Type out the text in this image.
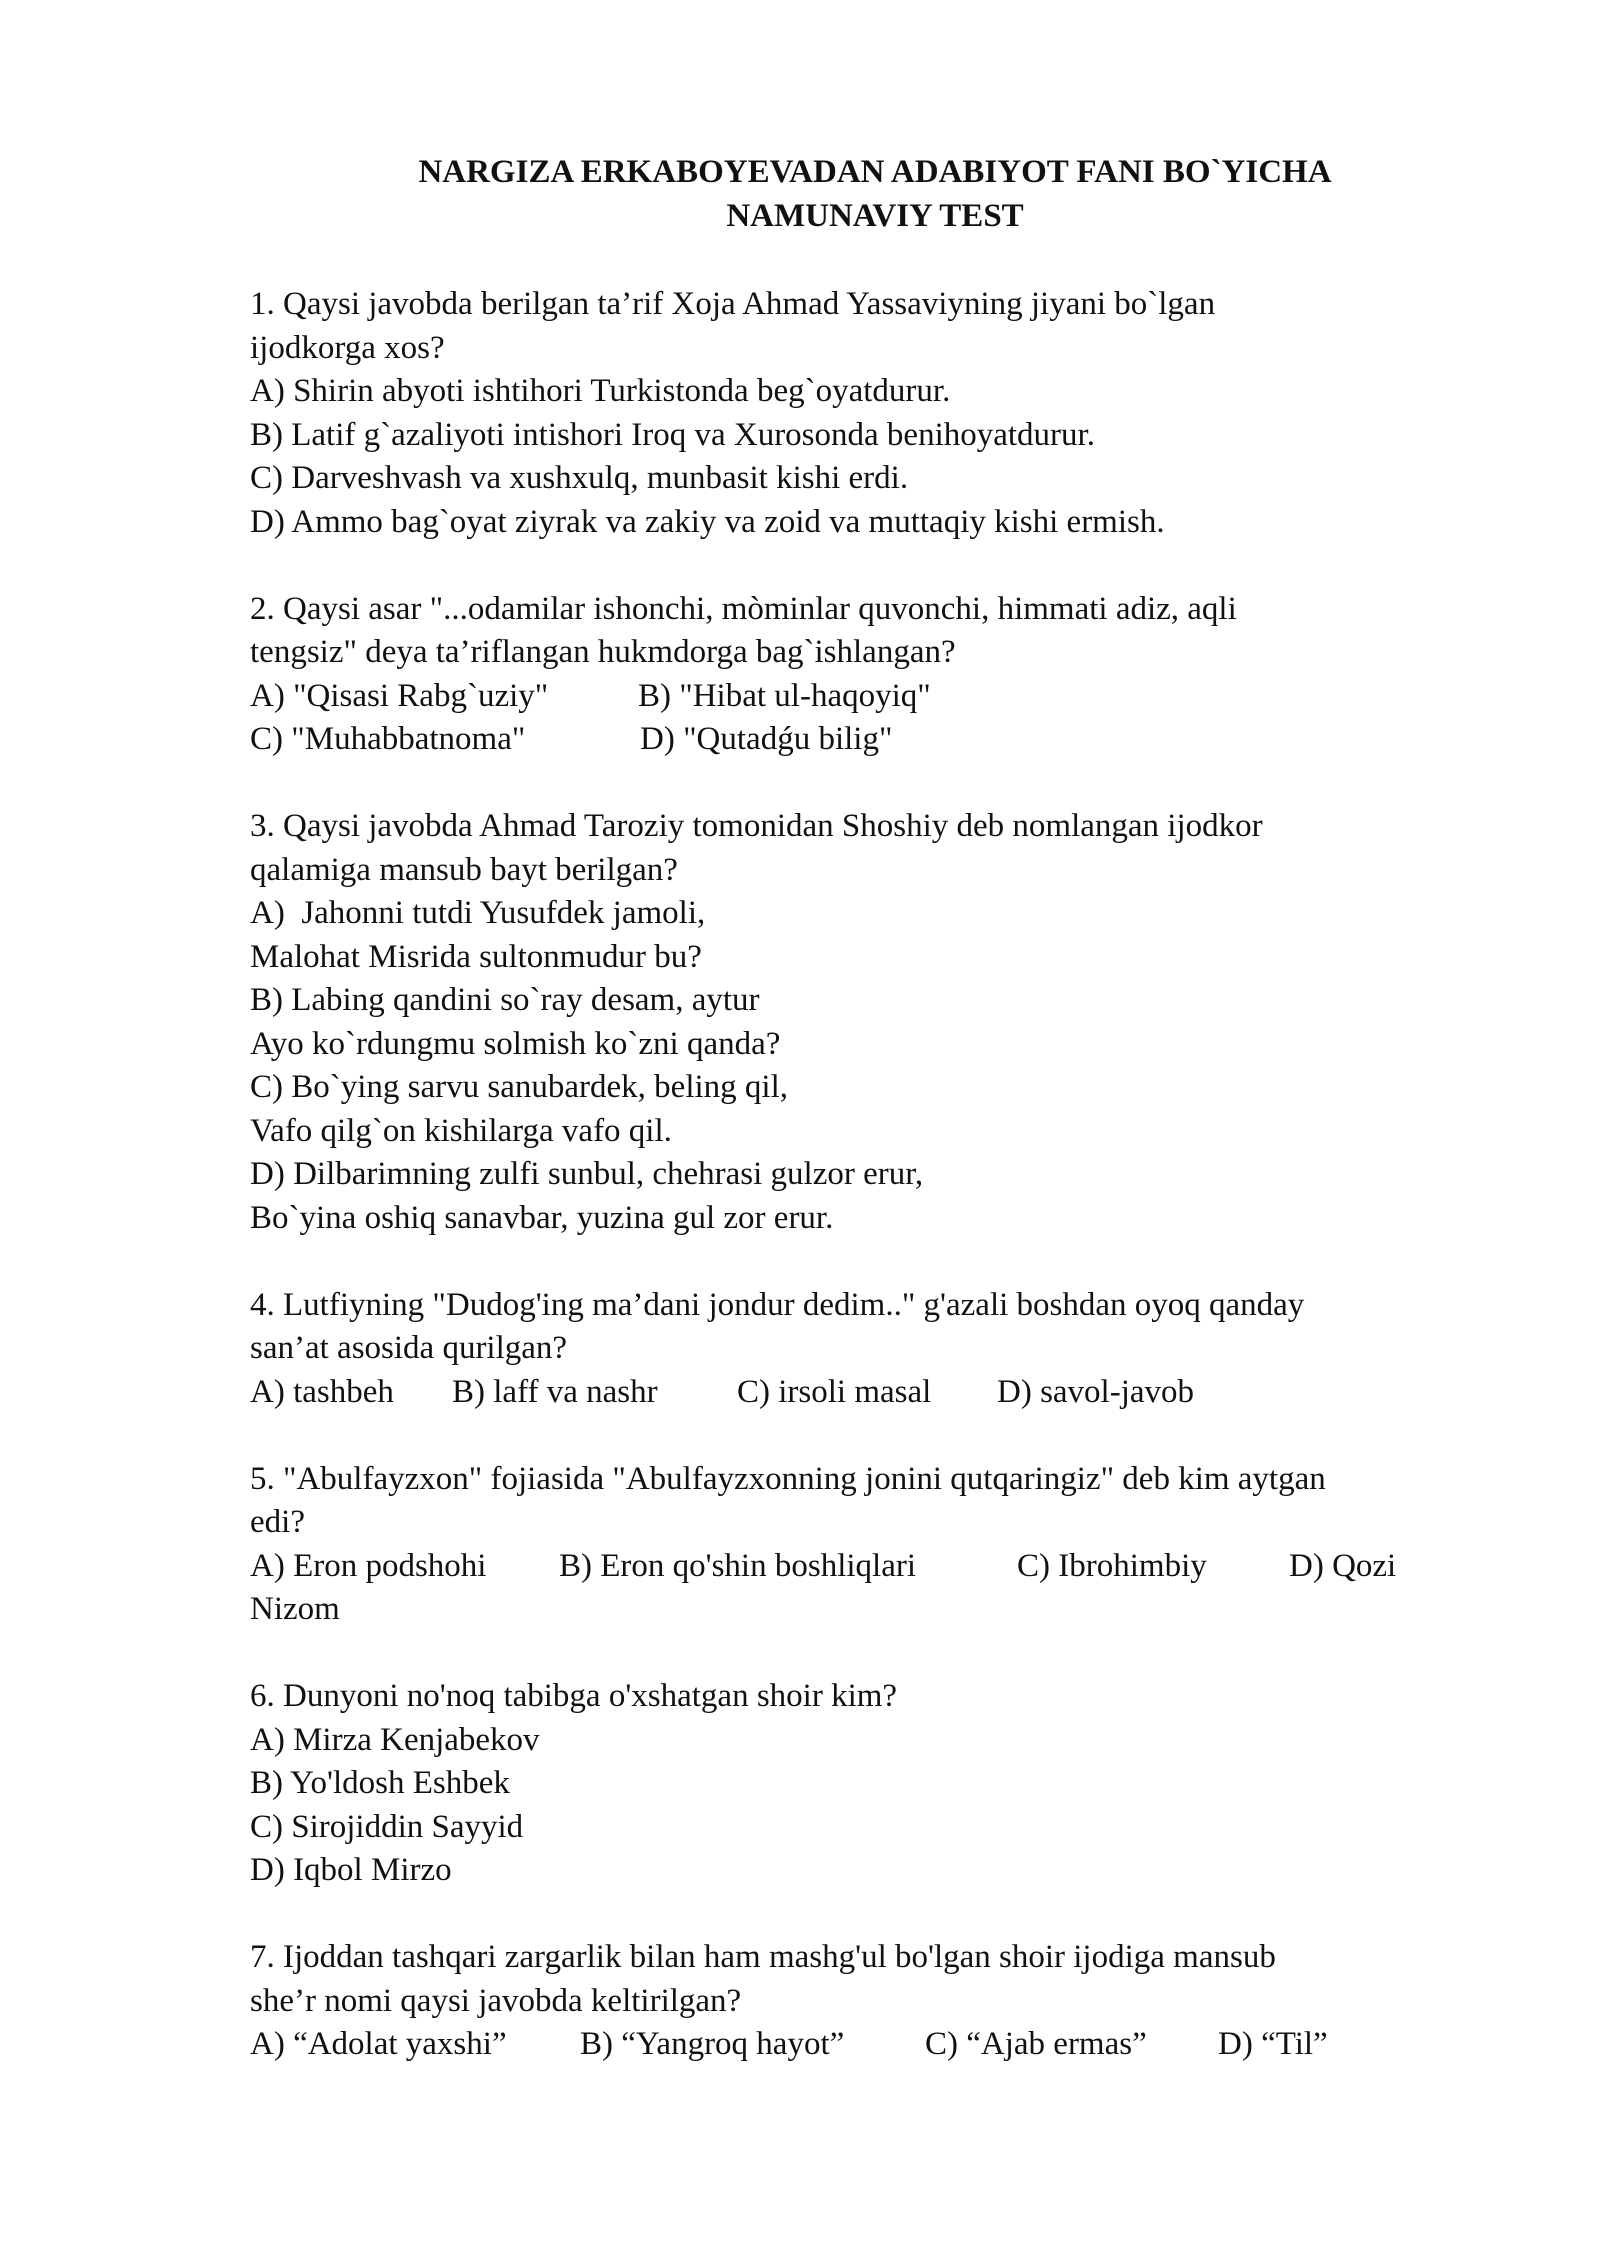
NARGIZA ERKABOYEVADAN ADABIYOT FANI BO`YICHA
NAMUNAVIY TEST
1. Qaysi javobda berilgan ta’rif Xoja Ahmad Yassaviyning jiyani bo`lgan
ijodkorga xos?
A) Shirin abyoti ishtihori Turkistonda beg`oyatdurur.
B) Latif g`azaliyoti intishori Iroq va Xurosonda benihoyatdurur.
C) Darveshvash va xushxulq, munbasit kishi erdi.
D) Ammo bag`oyat ziyrak va zakiy va zoid va muttaqiy kishi ermish.
2. Qaysi asar "...odamilar ishonchi, mòminlar quvonchi, himmati adiz, aqli
tengsiz" deya ta’riflangan hukmdorga bag`ishlangan?
A) "Qisasi Rabg`uziy"	B) "Hibat ul-haqoyiq"
C) "Muhabbatnoma"	D) "Qutadǵu bilig"
3. Qaysi javobda Ahmad Taroziy tomonidan Shoshiy deb nomlangan ijodkor
qalamiga mansub bayt berilgan?
A)  Jahonni tutdi Yusufdek jamoli,
Malohat Misrida sultonmudur bu?
B) Labing qandini so`ray desam, aytur
Ayo ko`rdungmu solmish ko`zni qanda?
C) Bo`ying sarvu sanubardek, beling qil,
Vafo qilg`on kishilarga vafo qil.
D) Dilbarimning zulfi sunbul, chehrasi gulzor erur,
Bo`yina oshiq sanavbar, yuzina gul zor erur.
4. Lutfiyning "Dudog'ing ma’dani jondur dedim.." g'azali boshdan oyoq qanday
san’at asosida qurilgan?
A) tashbeh B) laff va nashr C) irsoli masal D) savol-javob
5. "Abulfayzxon" fojiasida "Abulfayzxonning jonini qutqaringiz" deb kim aytgan
edi?
A) Eron podshohi B) Eron qo'shin boshliqlari	C) Ibrohimbiy D) Qozi
Nizom
6. Dunyoni no'noq tabibga o'xshatgan shoir kim?
A) Mirza Kenjabekov
B) Yo'ldosh Eshbek
C) Sirojiddin Sayyid
D) Iqbol Mirzo
7. Ijoddan tashqari zargarlik bilan ham mashg'ul bo'lgan shoir ijodiga mansub
she’r nomi qaysi javobda keltirilgan?
A) “Adolat yaxshi” B) “Yangroq hayot” C) “Ajab ermas” D) “Til”
